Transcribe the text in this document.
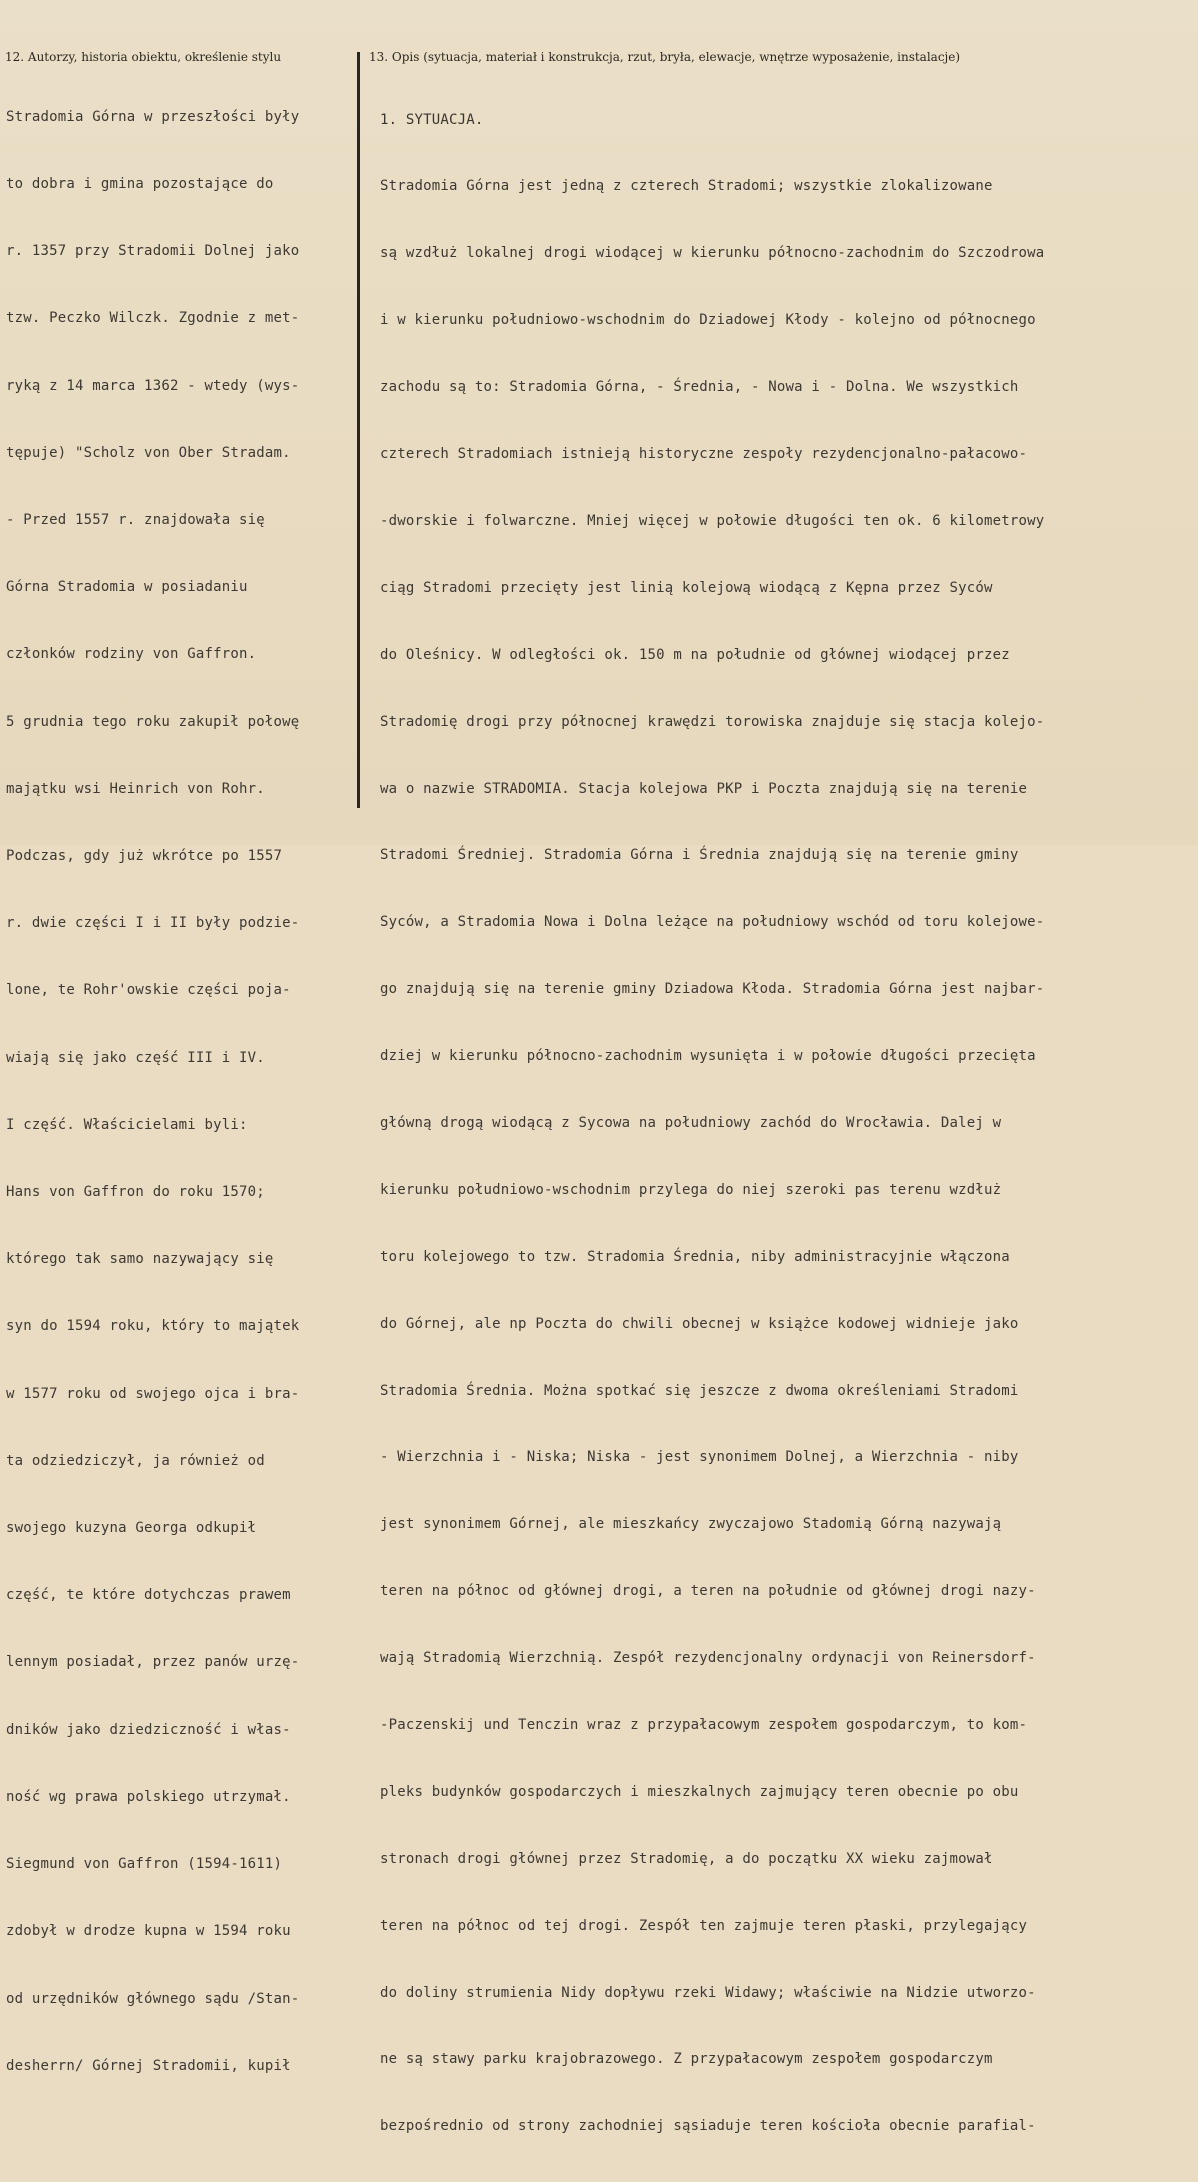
12. Autorzy, historia obiektu, określenie stylu	13. Opis (sytuacja, materiał i konstrukcja, rzut, bryła, elewacje, wnętrze wyposażenie, instalacje)

Stradomia Górna w przeszłości były

to dobra i gmina pozostające do

r. 1357 przy Stradomii Dolnej jako

tzw. Peczko Wilczk. Zgodnie z met-

ryką z 14 marca 1362 - wtedy (wys-

tępuje) "Scholz von Ober Stradam.

- Przed 1557 r. znajdowała się

Górna Stradomia w posiadaniu

członków rodziny von Gaffron.

5 grudnia tego roku zakupił połowę

majątku wsi Heinrich von Rohr.

Podczas, gdy już wkrótce po 1557

r. dwie części I i II były podzie-

lone, te Rohr'owskie części poja-

wiają się jako część III i IV.

I część. Właścicielami byli:

Hans von Gaffron do roku 1570;

którego tak samo nazywający się

syn do 1594 roku, który to majątek

w 1577 roku od swojego ojca i bra-

ta odziedziczył, ja również od

swojego kuzyna Georga odkupił

część, te które dotychczas prawem

lennym posiadał, przez panów urzę-

dników jako dziedziczność i włas-

ność wg prawa polskiego utrzymał.

Siegmund von Gaffron (1594-1611)

zdobył w drodze kupna w 1594 roku

od urzędników głównego sądu /Stan-

desherrn/ Górnej Stradomii, kupił

1. SYTUACJA.

Stradomia Górna jest jedną z czterech Stradomi; wszystkie zlokalizowane

są wzdłuż lokalnej drogi wiodącej w kierunku północno-zachodnim do Szczodrowa

i w kierunku południowo-wschodnim do Dziadowej Kłody - kolejno od północnego

zachodu są to: Stradomia Górna, - Średnia, - Nowa i - Dolna. We wszystkich

czterech Stradomiach istnieją historyczne zespoły rezydencjonalno-pałacowo-

-dworskie i folwarczne. Mniej więcej w połowie długości ten ok. 6 kilometrowy

ciąg Stradomi przecięty jest linią kolejową wiodącą z Kępna przez Syców

do Oleśnicy. W odległości ok. 150 m na południe od głównej wiodącej przez

Stradomię drogi przy północnej krawędzi torowiska znajduje się stacja kolejo-

wa o nazwie STRADOMIA. Stacja kolejowa PKP i Poczta znajdują się na terenie

Stradomi Średniej. Stradomia Górna i Średnia znajdują się na terenie gminy

Syców, a Stradomia Nowa i Dolna leżące na południowy wschód od toru kolejowe-

go znajdują się na terenie gminy Dziadowa Kłoda. Stradomia Górna jest najbar-

dziej w kierunku północno-zachodnim wysunięta i w połowie długości przecięta

główną drogą wiodącą z Sycowa na południowy zachód do Wrocławia. Dalej w

kierunku południowo-wschodnim przylega do niej szeroki pas terenu wzdłuż

toru kolejowego to tzw. Stradomia Średnia, niby administracyjnie włączona

do Górnej, ale np Poczta do chwili obecnej w książce kodowej widnieje jako

Stradomia Średnia. Można spotkać się jeszcze z dwoma określeniami Stradomi

- Wierzchnia i - Niska; Niska - jest synonimem Dolnej, a Wierzchnia - niby

jest synonimem Górnej, ale mieszkańcy zwyczajowo Stadomią Górną nazywają

teren na północ od głównej drogi, a teren na południe od głównej drogi nazy-

wają Stradomią Wierzchnią. Zespół rezydencjonalny ordynacji von Reinersdorf-

-Paczenskij und Tenczin wraz z przypałacowym zespołem gospodarczym, to kom-

pleks budynków gospodarczych i mieszkalnych zajmujący teren obecnie po obu

stronach drogi głównej przez Stradomię, a do początku XX wieku zajmował

teren na północ od tej drogi. Zespół ten zajmuje teren płaski, przylegający

do doliny strumienia Nidy dopływu rzeki Widawy; właściwie na Nidzie utworzo-

ne są stawy parku krajobrazowego. Z przypałacowym zespołem gospodarczym

bezpośrednio od strony zachodniej sąsiaduje teren kościoła obecnie parafial-
